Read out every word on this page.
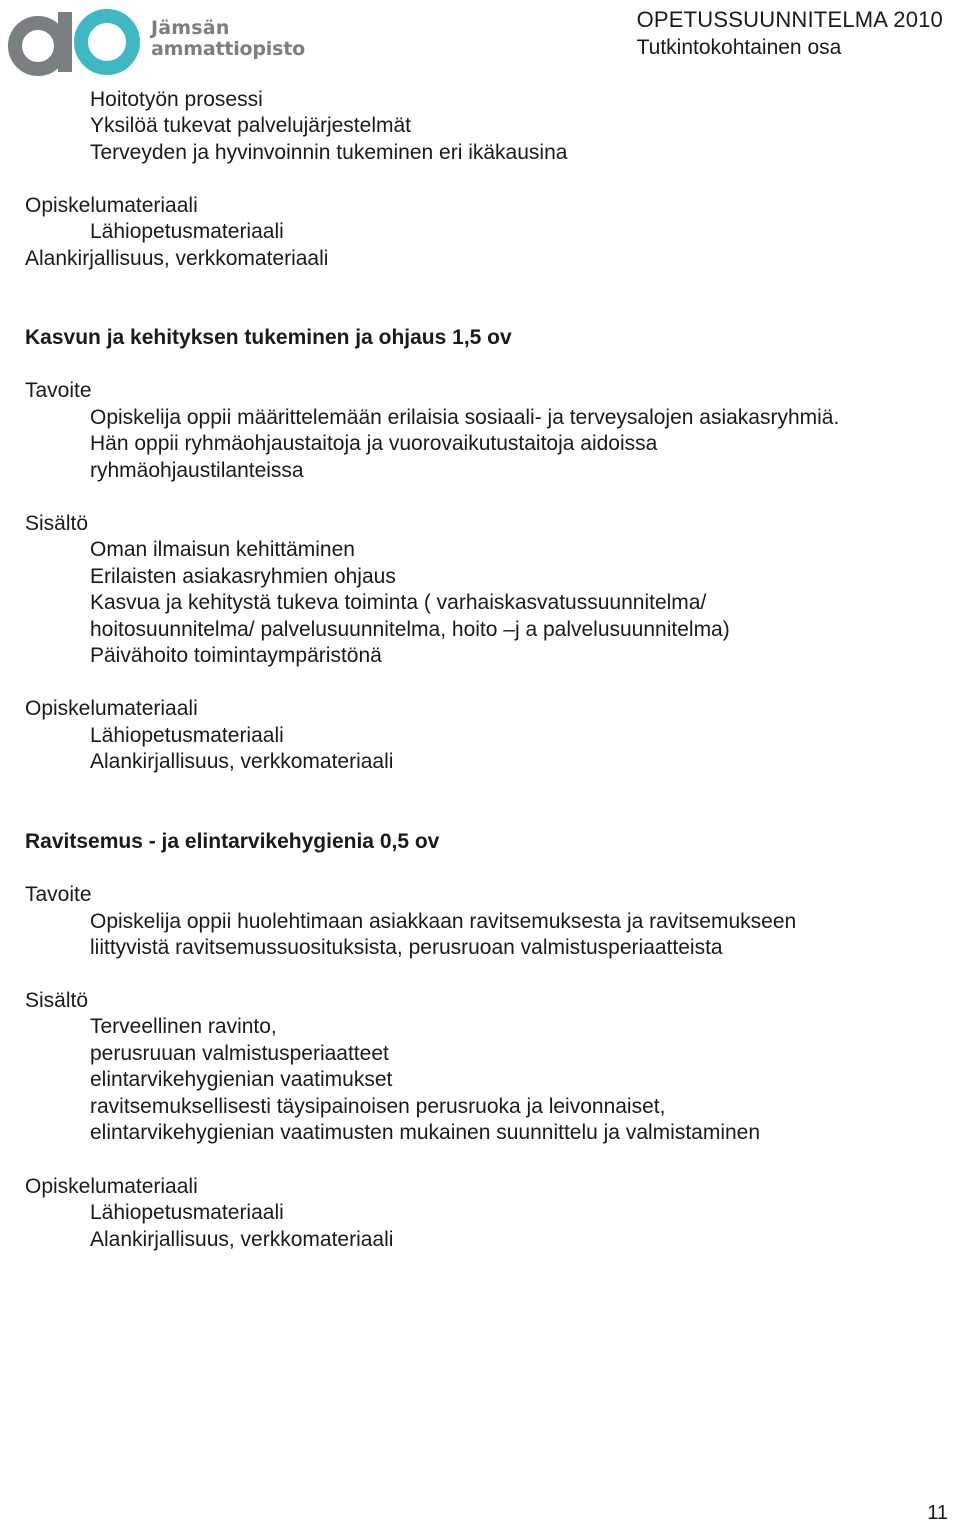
Jämsän
ammattiopisto
OPETUSSUUNNITELMA 2010
Tutkintokohtainen osa
Hoitotyön prosessi
Yksilöä tukevat palvelujärjestelmät
Terveyden ja hyvinvoinnin tukeminen eri ikäkausina
Opiskelumateriaali
Lähiopetusmateriaali
Alankirjallisuus, verkkomateriaali
Kasvun ja kehityksen tukeminen ja ohjaus 1,5 ov
Tavoite
Opiskelija oppii määrittelemään erilaisia sosiaali- ja terveysalojen asiakasryhmiä.
Hän oppii ryhmäohjaustaitoja ja vuorovaikutustaitoja aidoissa
ryhmäohjaustilanteissa
Sisältö
Oman ilmaisun kehittäminen
Erilaisten asiakasryhmien ohjaus
Kasvua ja kehitystä tukeva toiminta ( varhaiskasvatussuunnitelma/
hoitosuunnitelma/ palvelusuunnitelma, hoito –j a palvelusuunnitelma)
Päivähoito toimintaympäristönä
Opiskelumateriaali
Lähiopetusmateriaali
Alankirjallisuus, verkkomateriaali
Ravitsemus - ja elintarvikehygienia 0,5 ov
Tavoite
Opiskelija oppii huolehtimaan asiakkaan ravitsemuksesta ja ravitsemukseen
liittyvistä ravitsemussuosituksista, perusruoan valmistusperiaatteista
Sisältö
Terveellinen ravinto,
perusruuan valmistusperiaatteet
elintarvikehygienian vaatimukset
ravitsemuksellisesti täysipainoisen perusruoka ja leivonnaiset,
elintarvikehygienian vaatimusten mukainen suunnittelu ja valmistaminen
Opiskelumateriaali
Lähiopetusmateriaali
Alankirjallisuus, verkkomateriaali
11
